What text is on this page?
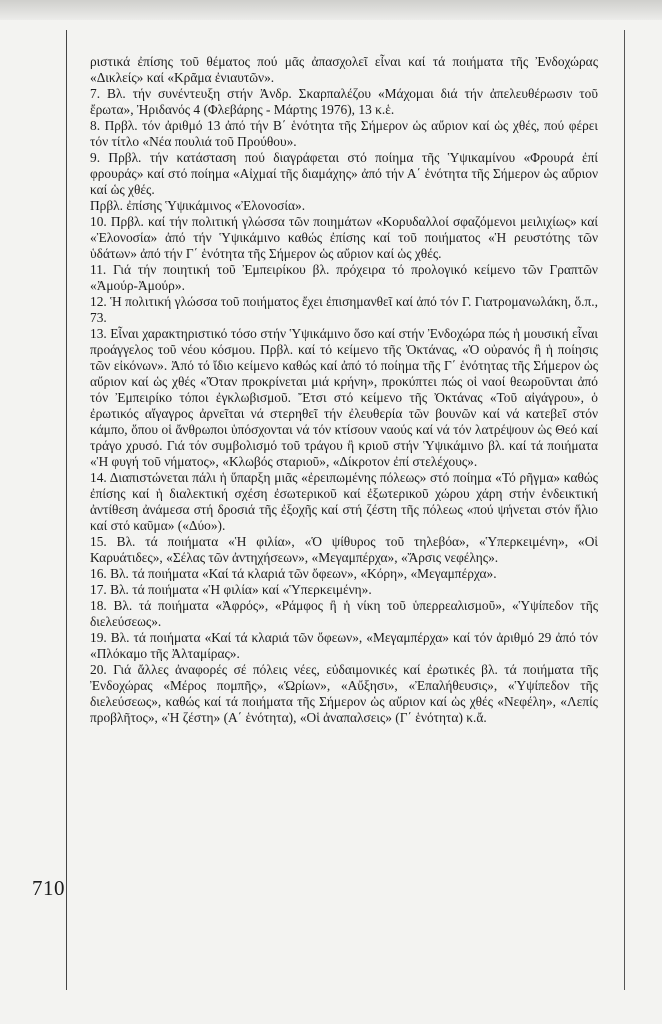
ριστικά ἐπίσης τοῦ θέματος πού μᾶς ἀπασχολεῖ εἶναι καί τά ποιήματα τῆς Ἐνδοχώρας «Δικλείς» καί «Κρᾶμα ἐνιαυτῶν».

7. Βλ. τήν συνέντευξη στήν Ἀνδρ. Σκαρπαλέζου «Μάχομαι διά τήν ἀπελευθέρωσιν τοῦ ἔρωτα», Ἠριδανός 4 (Φλεβάρης - Μάρτης 1976), 13 κ.ἑ.

8. Πρβλ. τόν ἀριθμό 13 ἀπό τήν Β΄ ἑνότητα τῆς Σήμερον ὡς αὔριον καί ὡς χθές, πού φέρει τόν τίτλο «Νέα πουλιά τοῦ Προύθου».

9. Πρβλ. τήν κατάσταση πού διαγράφεται στό ποίημα τῆς Ὑψικαμίνου «Φρουρά ἐπί φρουράς» καί στό ποίημα «Αἰχμαί τῆς διαμάχης» ἀπό τήν Α΄ ἑνότητα τῆς Σήμερον ὡς αὔριον καί ὡς χθές.

Πρβλ. ἐπίσης Ὑψικάμινος «Ἐλονοσία».

10. Πρβλ. καί τήν πολιτική γλώσσα τῶν ποιημάτων «Κορυδαλλοί σφαζόμενοι μειλιχίως» καί «Ἐλονοσία» ἀπό τήν Ὑψικάμινο καθώς ἐπίσης καί τοῦ ποιήματος «Ἡ ρευστότης τῶν ὑδάτων» ἀπό τήν Γ΄ ἑνότητα τῆς Σήμερον ὡς αὔριον καί ὡς χθές.

11. Γιά τήν ποιητική τοῦ Ἐμπειρίκου βλ. πρόχειρα τό προλογικό κείμενο τῶν Γραπτῶν «Ἀμούρ-Ἀμούρ».

12. Ἡ πολιτική γλώσσα τοῦ ποιήματος ἔχει ἐπισημανθεῖ καί ἀπό τόν Γ. Γιατρομανωλάκη, ὅ.π., 73.

13. Εἶναι χαρακτηριστικό τόσο στήν Ὑψικάμινο ὅσο καί στήν Ἐνδοχώρα πώς ἡ μουσική εἶναι προάγγελος τοῦ νέου κόσμου. Πρβλ. καί τό κείμενο τῆς Ὀκτάνας, «Ὁ οὐρανός ἢ ἡ ποίησις τῶν εἰκόνων». Ἀπό τό ἴδιο κείμενο καθώς καί ἀπό τό ποίημα τῆς Γ΄ ἑνότητας τῆς Σήμερον ὡς αὔριον καί ὡς χθές «Ὅταν προκρίνεται μιά κρήνη», προκύπτει πώς οἱ ναοί θεωροῦνται ἀπό τόν Ἐμπειρίκο τόποι ἐγκλωβισμοῦ. Ἔτσι στό κείμενο τῆς Ὀκτάνας «Τοῦ αἰγάγρου», ὁ ἐρωτικός αἴγαγρος ἀρνεῖται νά στερηθεῖ τήν ἐλευθερία τῶν βουνῶν καί νά κατεβεῖ στόν κάμπο, ὅπου οἱ ἄνθρωποι ὑπόσχονται νά τόν κτίσουν ναούς καί νά τόν λατρέψουν ὡς Θεό καί τράγο χρυσό. Γιά τόν συμβολισμό τοῦ τράγου ἢ κριοῦ στήν Ὑψικάμινο βλ. καί τά ποιήματα «Ἡ φυγή τοῦ νήματος», «Κλωβός σταριοῦ», «Δίκροτον ἐπί στελέχους».

14. Διαπιστώνεται πάλι ἡ ὕπαρξη μιᾶς «ἐρειπωμένης πόλεως» στό ποίημα «Τό ρῆγμα» καθώς ἐπίσης καί ἡ διαλεκτική σχέση ἐσωτερικοῦ καί ἐξωτερικοῦ χώρου χάρη στήν ἐνδεικτική ἀντίθεση ἀνάμεσα στή δροσιά τῆς ἐξοχῆς καί στή ζέστη τῆς πόλεως «πού ψήνεται στόν ἥλιο καί στό καῦμα» («Δύο»).

15. Βλ. τά ποιήματα «Ἡ φιλία», «Ὁ ψίθυρος τοῦ τηλεβόα», «Ὑπερκειμένη», «Οἱ Καρυάτιδες», «Σέλας τῶν ἀντηχήσεων», «Μεγαμπέρχα», «Ἄρσις νεφέλης».

16. Βλ. τά ποιήματα «Καί τά κλαριά τῶν ὄφεων», «Κόρη», «Μεγαμπέρχα».

17. Βλ. τά ποιήματα «Ἡ φιλία» καί «Ὑπερκειμένη».

18. Βλ. τά ποιήματα «Ἀφρός», «Ράμφος ἢ ἡ νίκη τοῦ ὑπερρεαλισμοῦ», «Ὑψίπεδον τῆς διελεύσεως».

19. Βλ. τά ποιήματα «Καί τά κλαριά τῶν ὄφεων», «Μεγαμπέρχα» καί τόν ἀριθμό 29 ἀπό τόν «Πλόκαμο τῆς Ἀλταμίρας».

20. Γιά ἄλλες ἀναφορές σέ πόλεις νέες, εὐδαιμονικές καί ἐρωτικές βλ. τά ποιήματα τῆς Ἐνδοχώρας «Μέρος πομπῆς», «Ὡρίων», «Αὔξησι», «Ἐπαλήθευσις», «Ὑψίπεδον τῆς διελεύσεως», καθώς καί τά ποιήματα τῆς Σήμερον ὡς αὔριον καί ὡς χθές «Νεφέλη», «Λεπίς προβλῆτος», «Ἡ ζέστη» (Α΄ ἑνότητα), «Οἱ ἀναπαλσεις» (Γ΄ ἑνότητα) κ.ἄ.

710
